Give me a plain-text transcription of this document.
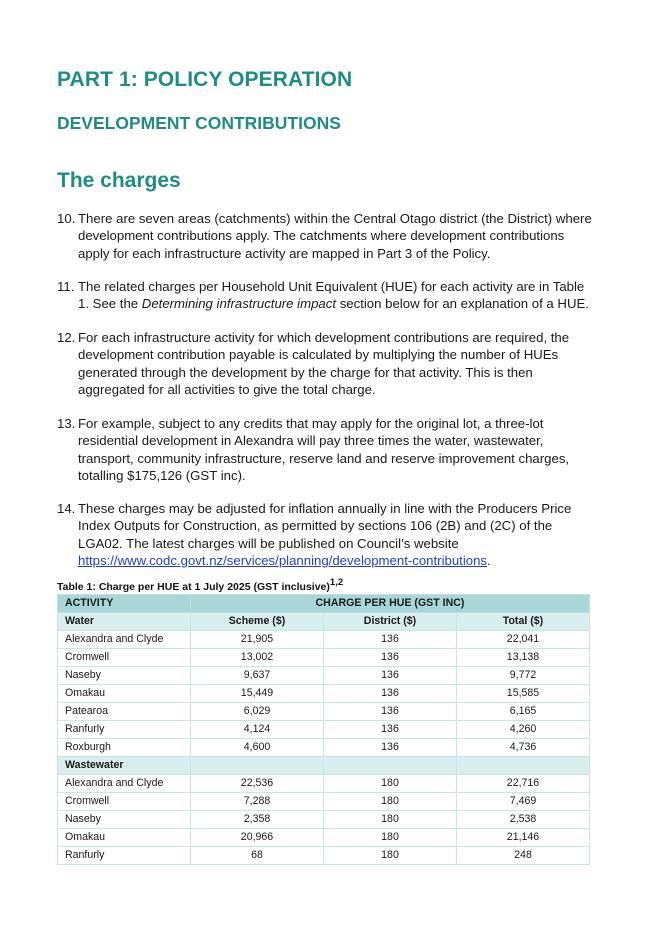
PART 1: POLICY OPERATION
DEVELOPMENT CONTRIBUTIONS
The charges
10. There are seven areas (catchments) within the Central Otago district (the District) where development contributions apply. The catchments where development contributions apply for each infrastructure activity are mapped in Part 3 of the Policy.
11. The related charges per Household Unit Equivalent (HUE) for each activity are in Table 1. See the Determining infrastructure impact section below for an explanation of a HUE.
12. For each infrastructure activity for which development contributions are required, the development contribution payable is calculated by multiplying the number of HUEs generated through the development by the charge for that activity. This is then aggregated for all activities to give the total charge.
13. For example, subject to any credits that may apply for the original lot, a three-lot residential development in Alexandra will pay three times the water, wastewater, transport, community infrastructure, reserve land and reserve improvement charges, totalling $175,126 (GST inc).
14. These charges may be adjusted for inflation annually in line with the Producers Price Index Outputs for Construction, as permitted by sections 106 (2B) and (2C) of the LGA02. The latest charges will be published on Council’s website https://www.codc.govt.nz/services/planning/development-contributions.
Table 1: Charge per HUE at 1 July 2025 (GST inclusive)$^{1,2}$
ACTIVITY	CHARGE PER HUE (GST INC)		
Water	Scheme ($)	District ($)	Total ($)
Alexandra and Clyde	21,905	136	22,041
Cromwell	13,002	136	13,138
Naseby	9,637	136	9,772
Omakau	15,449	136	15,585
Patearoa	6,029	136	6,165
Ranfurly	4,124	136	4,260
Roxburgh	4,600	136	4,736
Wastewater			
Alexandra and Clyde	22,536	180	22,716
Cromwell	7,288	180	7,469
Naseby	2,358	180	2,538
Omakau	20,966	180	21,146
Ranfurly	68	180	248
